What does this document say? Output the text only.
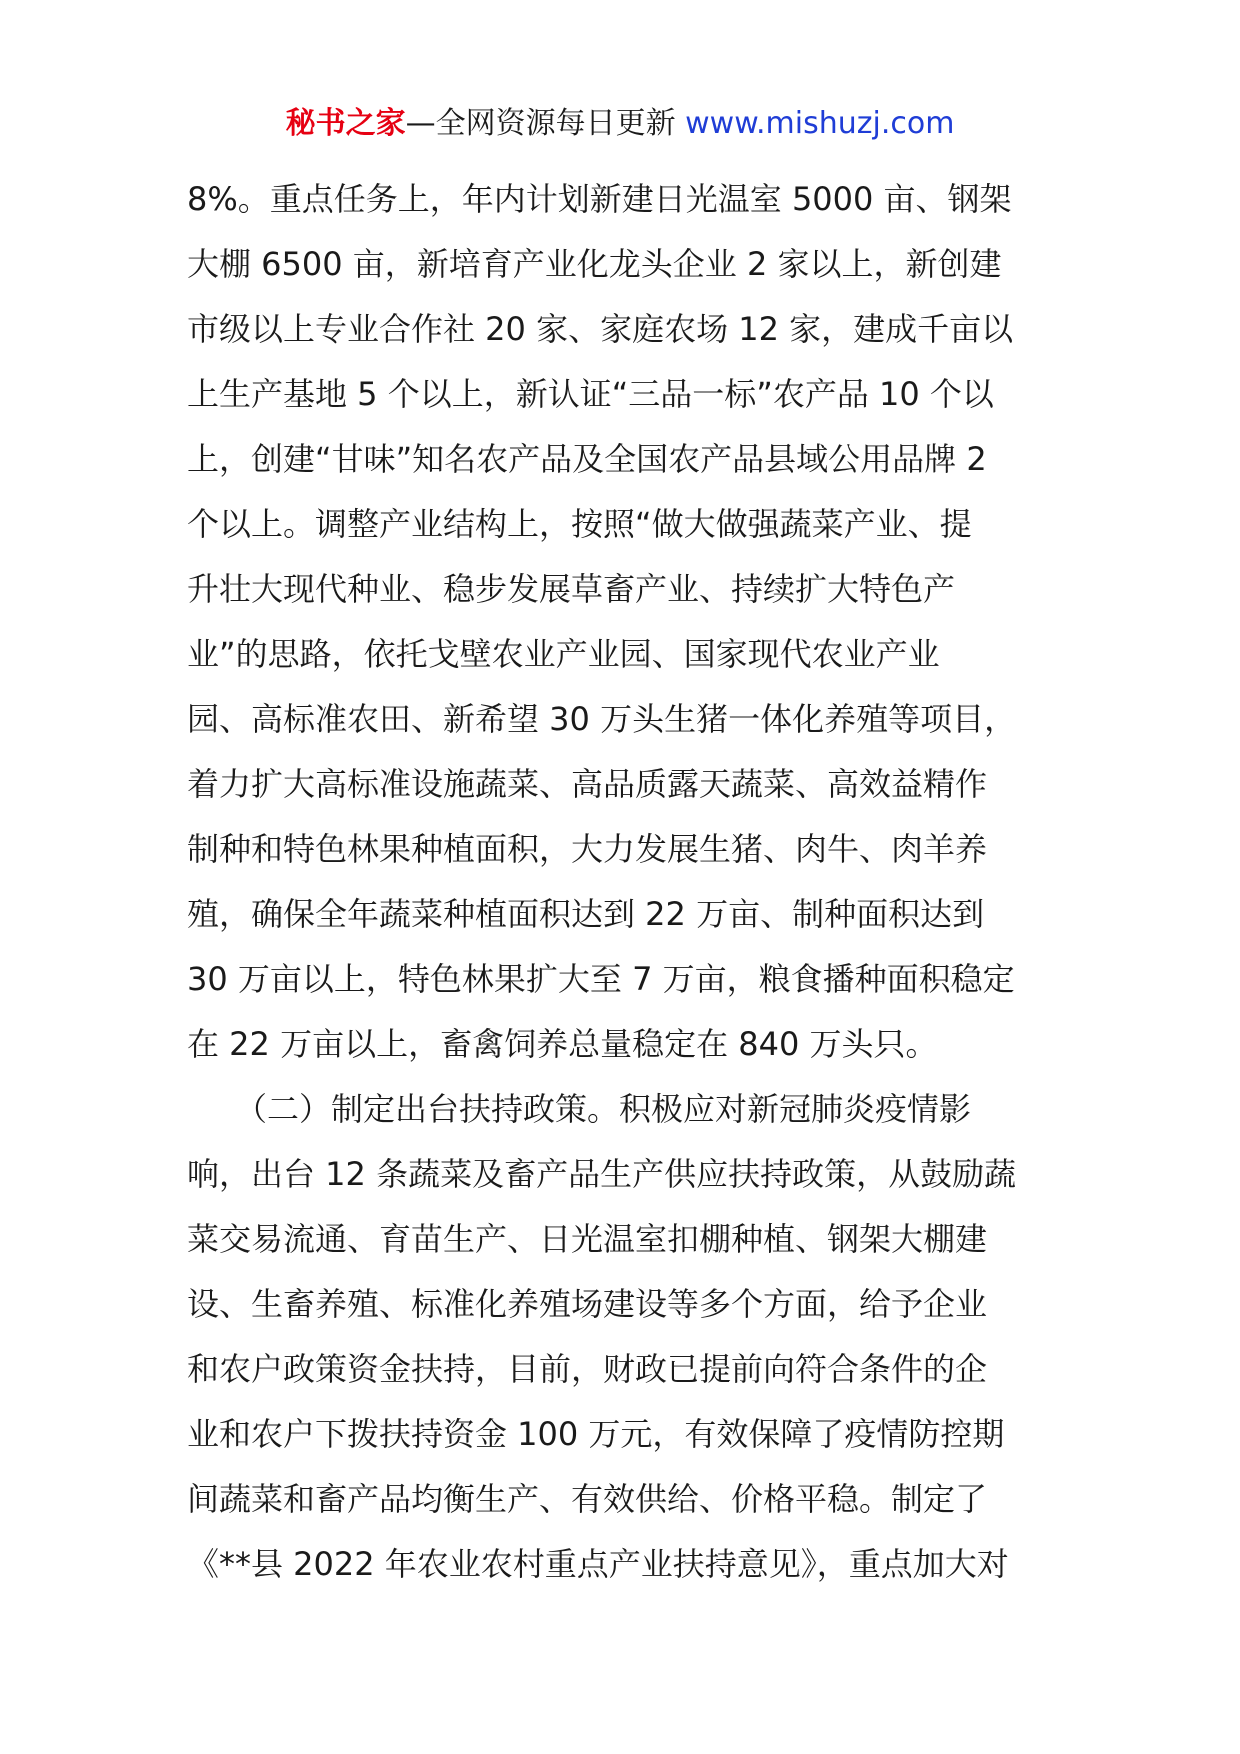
秘书之家—全网资源每日更新 www.mishuzj.com
8%。重点任务上，年内计划新建日光温室 5000 亩、钢架
大棚 6500 亩，新培育产业化龙头企业 2 家以上，新创建
市级以上专业合作社 20 家、家庭农场 12 家，建成千亩以
上生产基地 5 个以上，新认证“三品一标”农产品 10 个以
上，创建“甘味”知名农产品及全国农产品县域公用品牌 2
个以上。调整产业结构上，按照“做大做强蔬菜产业、提
升壮大现代种业、稳步发展草畜产业、持续扩大特色产
业”的思路，依托戈壁农业产业园、国家现代农业产业
园、高标准农田、新希望 30 万头生猪一体化养殖等项目，
着力扩大高标准设施蔬菜、高品质露天蔬菜、高效益精作
制种和特色林果种植面积，大力发展生猪、肉牛、肉羊养
殖，确保全年蔬菜种植面积达到 22 万亩、制种面积达到
30 万亩以上，特色林果扩大至 7 万亩，粮食播种面积稳定
在 22 万亩以上，畜禽饲养总量稳定在 840 万头只。
　　（二）制定出台扶持政策。积极应对新冠肺炎疫情影
响，出台 12 条蔬菜及畜产品生产供应扶持政策，从鼓励蔬
菜交易流通、育苗生产、日光温室扣棚种植、钢架大棚建
设、生畜养殖、标准化养殖场建设等多个方面，给予企业
和农户政策资金扶持，目前，财政已提前向符合条件的企
业和农户下拨扶持资金 100 万元，有效保障了疫情防控期
间蔬菜和畜产品均衡生产、有效供给、价格平稳。制定了
《**县 2022 年农业农村重点产业扶持意见》，重点加大对
